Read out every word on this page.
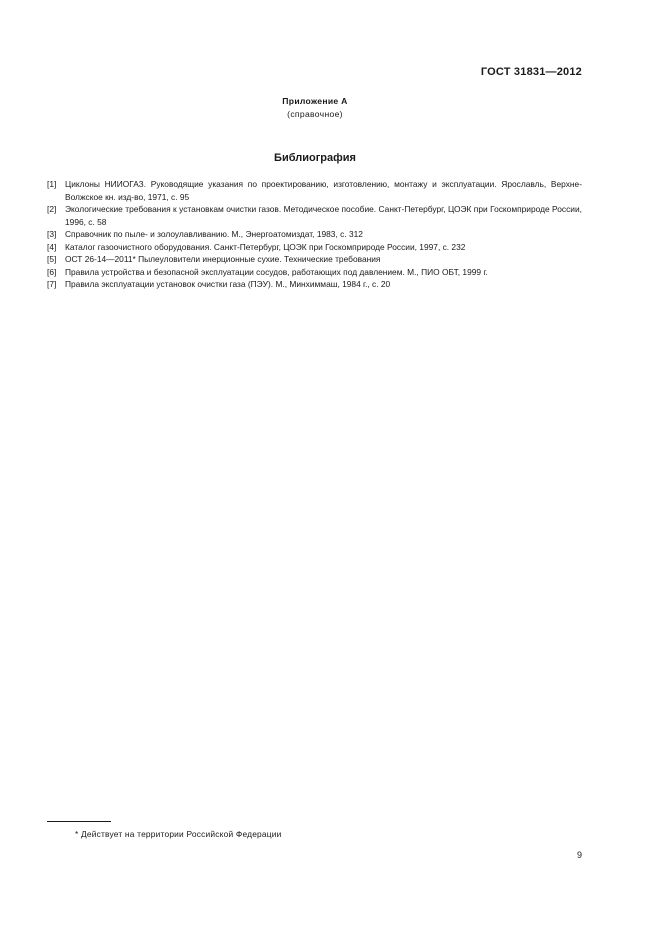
ГОСТ 31831—2012
Приложение А
(справочное)
Библиография
[1]	Циклоны НИИОГАЗ. Руководящие указания по проектированию, изготовлению, монтажу и эксплуатации. Ярославль, Верхне-Волжское кн. изд-во, 1971, с. 95
[2]	Экологические требования к установкам очистки газов. Методическое пособие. Санкт-Петербург, ЦОЭК при Госкомприроде России, 1996, с. 58
[3]	Справочник по пыле- и золоулавливанию. М., Энергоатомиздат, 1983, с. 312
[4]	Каталог газоочистного оборудования. Санкт-Петербург, ЦОЭК при Госкомприроде России, 1997, с. 232
[5]	ОСТ 26-14—2011* Пылеуловители инерционные сухие. Технические требования
[6]	Правила устройства и безопасной эксплуатации сосудов, работающих под давлением. М., ПИО ОБТ, 1999 г.
[7]	Правила эксплуатации установок очистки газа (ПЭУ). М., Минхиммаш, 1984 г., с. 20
* Действует на территории Российской Федерации
9
